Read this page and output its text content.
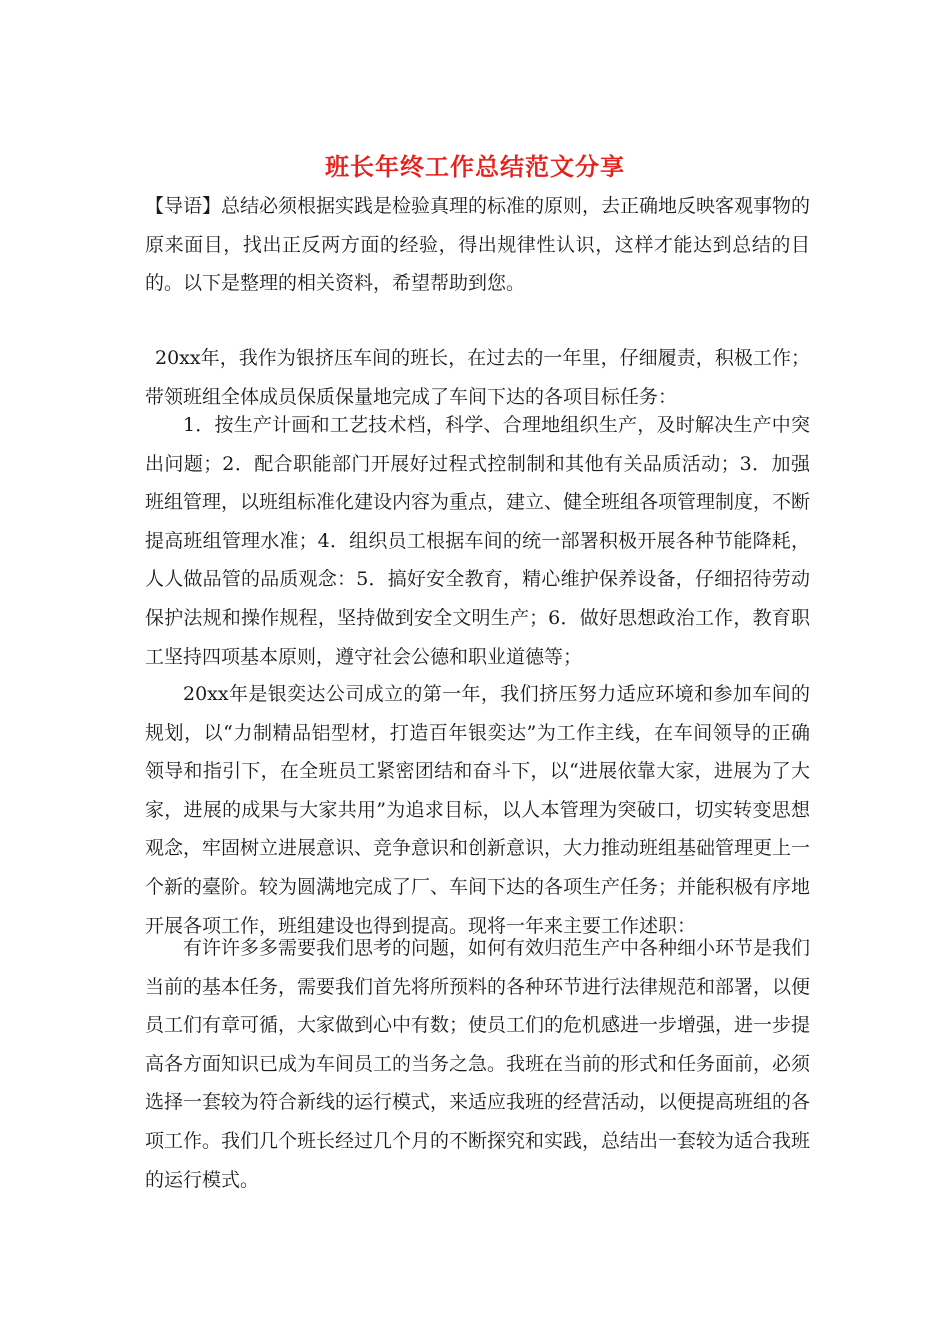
班长年终工作总结范文分享
【导语】总结必须根据实践是检验真理的标准的原则，去正确地反映客观事物的原来面目，找出正反两方面的经验，得出规律性认识，这样才能达到总结的目的。以下是整理的相关资料，希望帮助到您。
20xx年，我作为银挤压车间的班长，在过去的一年里，仔细履责，积极工作；带领班组全体成员保质保量地完成了车间下达的各项目标任务：
1．按生产计画和工艺技术档，科学、合理地组织生产，及时解决生产中突出问题；2．配合职能部门开展好过程式控制制和其他有关品质活动；3．加强班组管理，以班组标准化建设内容为重点，建立、健全班组各项管理制度，不断提高班组管理水准；4．组织员工根据车间的统一部署积极开展各种节能降耗，人人做品管的品质观念：5．搞好安全教育，精心维护保养设备，仔细招待劳动保护法规和操作规程，坚持做到安全文明生产；6．做好思想政治工作，教育职工坚持四项基本原则，遵守社会公德和职业道德等；
20xx年是银奕达公司成立的第一年，我们挤压努力适应环境和参加车间的规划，以“力制精品铝型材，打造百年银奕达”为工作主线，在车间领导的正确领导和指引下，在全班员工紧密团结和奋斗下，以“进展依靠大家，进展为了大家，进展的成果与大家共用”为追求目标，以人本管理为突破口，切实转变思想观念，牢固树立进展意识、竞争意识和创新意识，大力推动班组基础管理更上一个新的臺阶。较为圆满地完成了厂、车间下达的各项生产任务；并能积极有序地开展各项工作，班组建设也得到提高。现将一年来主要工作述职：
有许许多多需要我们思考的问题，如何有效归范生产中各种细小环节是我们当前的基本任务，需要我们首先将所预料的各种环节进行法律规范和部署，以便员工们有章可循，大家做到心中有数；使员工们的危机感进一步增强，进一步提高各方面知识已成为车间员工的当务之急。我班在当前的形式和任务面前，必须选择一套较为符合新线的运行模式，来适应我班的经营活动，以便提高班组的各项工作。我们几个班长经过几个月的不断探究和实践，总结出一套较为适合我班的运行模式。
